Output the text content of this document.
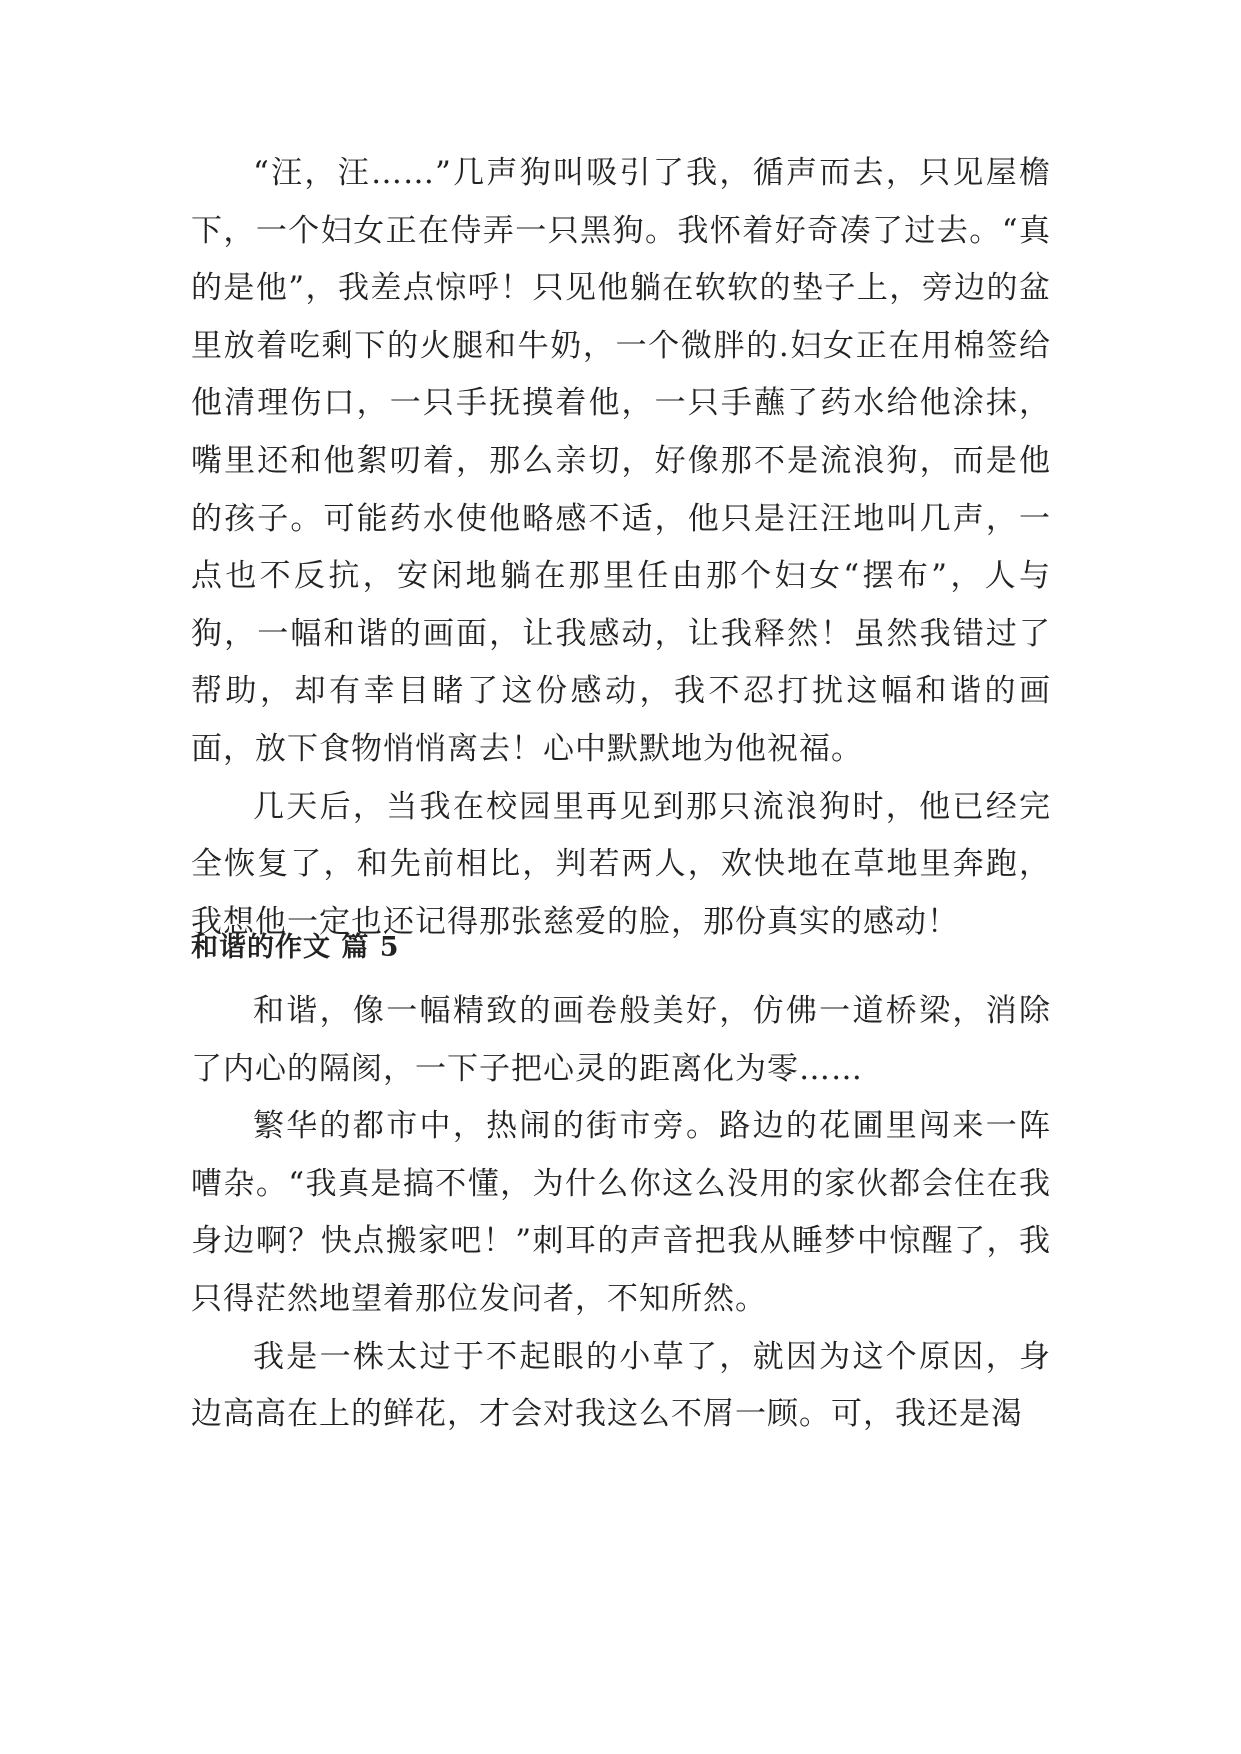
“汪，汪……”几声狗叫吸引了我，循声而去，只见屋檐下，一个妇女正在侍弄一只黑狗。我怀着好奇凑了过去。“真的是他”，我差点惊呼！只见他躺在软软的垫子上，旁边的盆里放着吃剩下的火腿和牛奶，一个微胖的.妇女正在用棉签给他清理伤口，一只手抚摸着他，一只手蘸了药水给他涂抹，嘴里还和他絮叨着，那么亲切，好像那不是流浪狗，而是他的孩子。可能药水使他略感不适，他只是汪汪地叫几声，一点也不反抗，安闲地躺在那里任由那个妇女“摆布”，人与狗，一幅和谐的画面，让我感动，让我释然！虽然我错过了帮助，却有幸目睹了这份感动，我不忍打扰这幅和谐的画面，放下食物悄悄离去！心中默默地为他祝福。

几天后，当我在校园里再见到那只流浪狗时，他已经完全恢复了，和先前相比，判若两人，欢快地在草地里奔跑，我想他一定也还记得那张慈爱的脸，那份真实的感动！

和谐的作文 篇 5

和谐，像一幅精致的画卷般美好，仿佛一道桥梁，消除了内心的隔阂，一下子把心灵的距离化为零……

繁华的都市中，热闹的街市旁。路边的花圃里闯来一阵嘈杂。“我真是搞不懂，为什么你这么没用的家伙都会住在我身边啊？快点搬家吧！”刺耳的声音把我从睡梦中惊醒了，我只得茫然地望着那位发问者，不知所然。

我是一株太过于不起眼的小草了，就因为这个原因，身边高高在上的鲜花，才会对我这么不屑一顾。可，我还是渴
